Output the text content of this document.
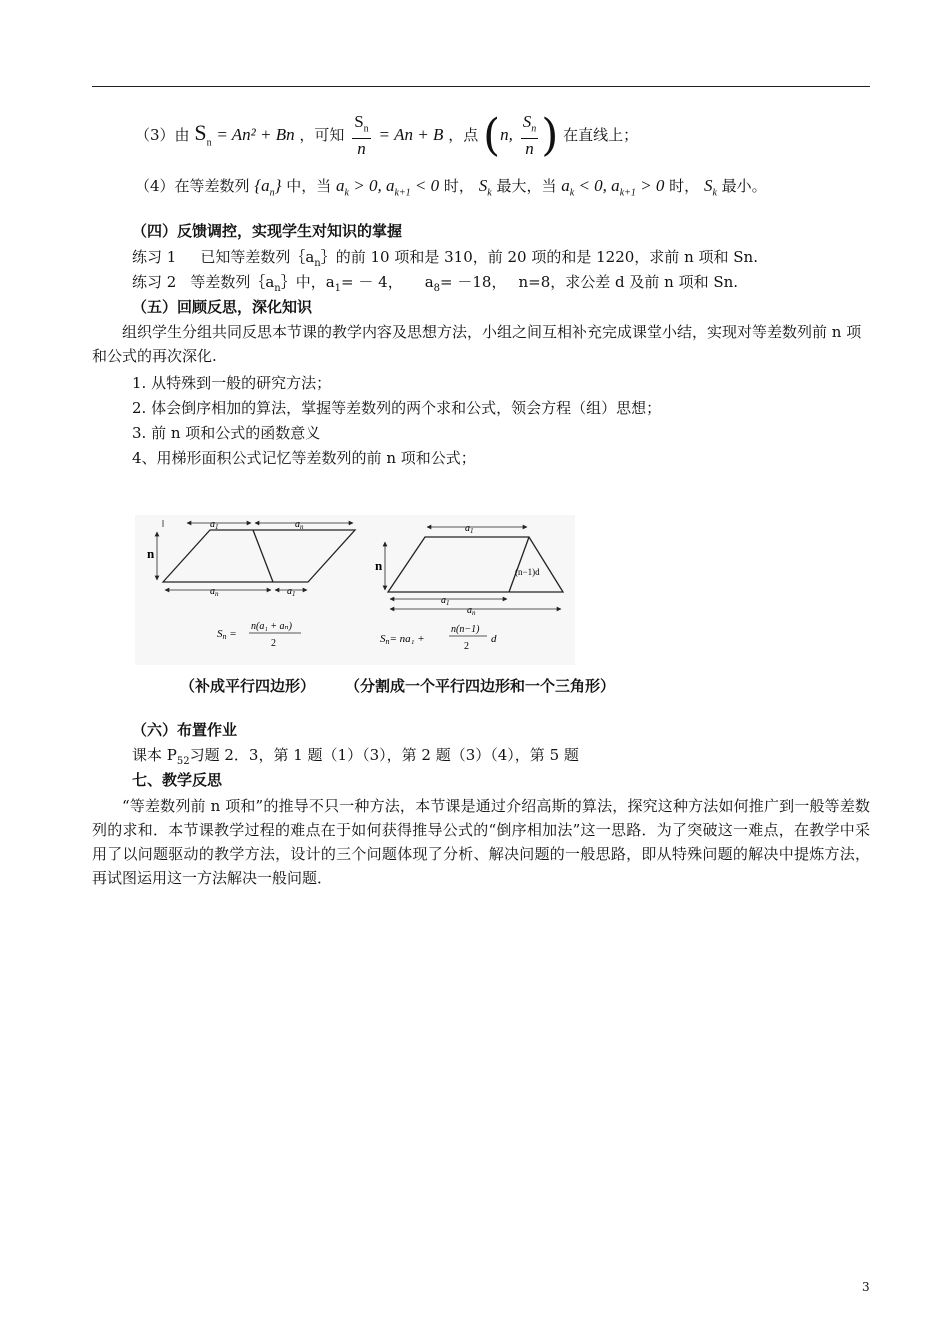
（3）由 $S_n = An^2 + Bn$ ，可知 $\frac{S_n}{n} = An + B$ ，点 (n, $\frac{S_n}{n}$ ) 在直线上；
（4）在等差数列 $\{a_n\}$ 中，当 $a_k > 0$, $a_{k+1} < 0$ 时， $S_k$ 最大，当 $a_k < 0$, $a_{k+1} > 0$ 时， $S_k$ 最小。
（四）反馈调控，实现学生对知识的掌握
练习 1 已知等差数列$\{a_n\}$的前 10 项和是 310，前 20 项的和是 1220，求前 n 项和 Sn.
练习 2 等差数列$\{a_n\}$中，$a_1= - 4$， $a_8= -18$， n=8，求公差 d 及前 n 项和 Sn.
（五）回顾反思，深化知识
组织学生分组共同反思本节课的教学内容及思想方法，小组之间互相补充完成课堂小结，实现对等差数列前 n 项和公式的再次深化.
1. 从特殊到一般的研究方法；
2. 体会倒序相加的算法，掌握等差数列的两个求和公式，领会方程（组）思想；
3. 前 n 项和公式的函数意义
4、用梯形面积公式记忆等差数列的前 n 项和公式；
$a_1$	$a_n$
n
$a_n$	$a_1$
Sn =
n(a₁ + aₙ)
2
$a_1$
n	(n−1)d
$a_1$
$a_n$
Sn= na₁ +
n(n−1)
2
d
（补成平行四边形） （分割成一个平行四边形和一个三角形）
（六）布置作业
课本 $P_{52}$习题 2．3，第 1 题（1）（3），第 2 题（3）（4），第 5 题
七、教学反思
“等差数列前 n 项和”的推导不只一种方法，本节课是通过介绍高斯的算法，探究这种方法如何推广到一般等差数列的求和．本节课教学过程的难点在于如何获得推导公式的“倒序相加法”这一思路．为了突破这一难点，在教学中采用了以问题驱动的教学方法，设计的三个问题体现了分析、解决问题的一般思路，即从特殊问题的解决中提炼方法，再试图运用这一方法解决一般问题．
3
